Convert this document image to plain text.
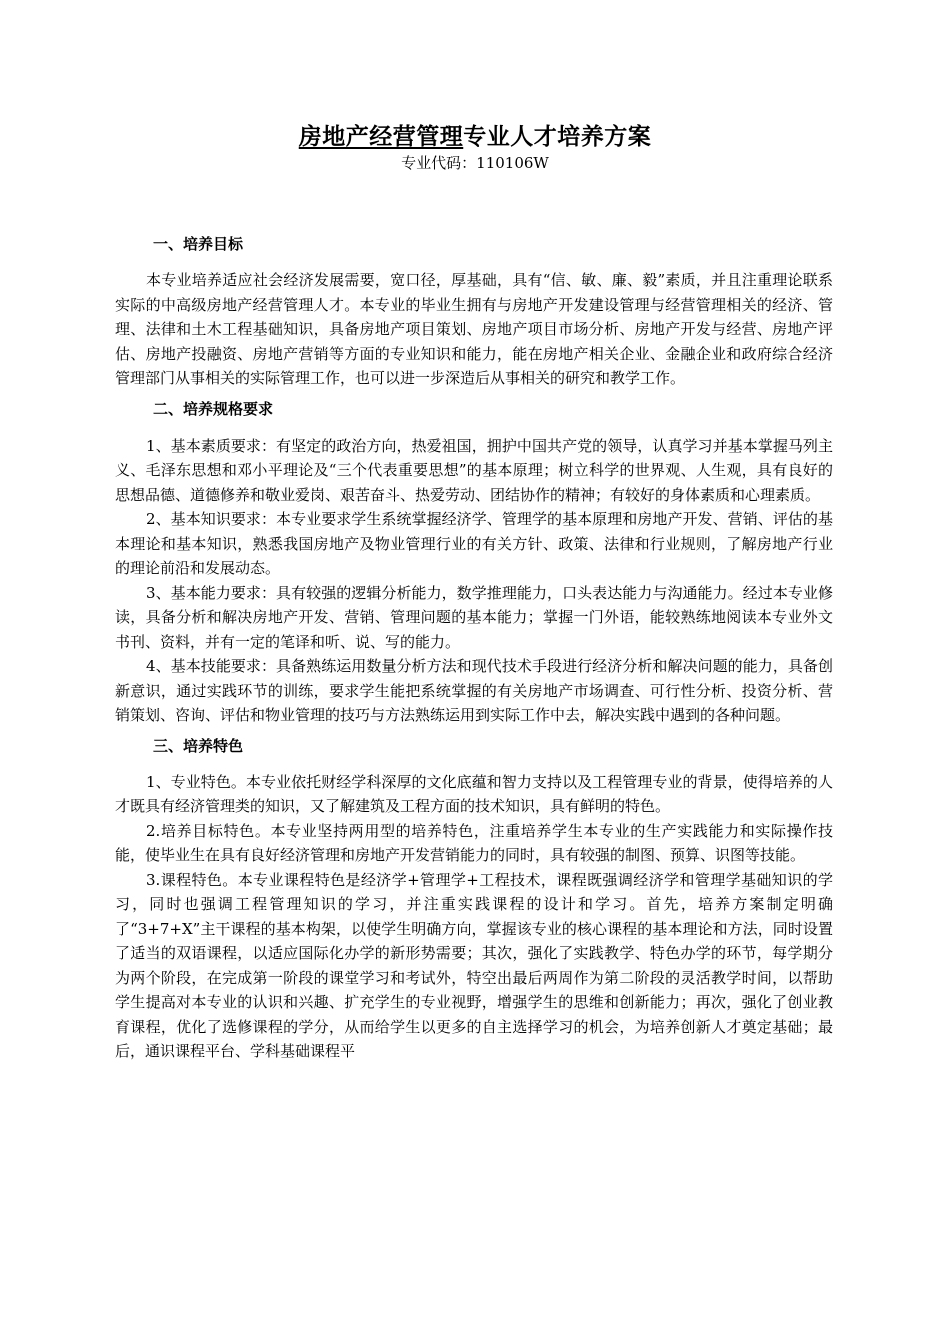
房地产经营管理专业人才培养方案
专业代码：110106W
一、培养目标

本专业培养适应社会经济发展需要，宽口径，厚基础，具有“信、敏、廉、毅”素质，并且注重理论联系实际的中高级房地产经营管理人才。本专业的毕业生拥有与房地产开发建设管理与经营管理相关的经济、管理、法律和土木工程基础知识，具备房地产项目策划、房地产项目市场分析、房地产开发与经营、房地产评估、房地产投融资、房地产营销等方面的专业知识和能力，能在房地产相关企业、金融企业和政府综合经济管理部门从事相关的实际管理工作，也可以进一步深造后从事相关的研究和教学工作。

二、培养规格要求

1、基本素质要求：有坚定的政治方向，热爱祖国，拥护中国共产党的领导，认真学习并基本掌握马列主义、毛泽东思想和邓小平理论及“三个代表重要思想”的基本原理；树立科学的世界观、人生观，具有良好的思想品德、道德修养和敬业爱岗、艰苦奋斗、热爱劳动、团结协作的精神；有较好的身体素质和心理素质。

2、基本知识要求：本专业要求学生系统掌握经济学、管理学的基本原理和房地产开发、营销、评估的基本理论和基本知识，熟悉我国房地产及物业管理行业的有关方针、政策、法律和行业规则，了解房地产行业的理论前沿和发展动态。

3、基本能力要求：具有较强的逻辑分析能力，数学推理能力，口头表达能力与沟通能力。经过本专业修读，具备分析和解决房地产开发、营销、管理问题的基本能力；掌握一门外语，能较熟练地阅读本专业外文书刊、资料，并有一定的笔译和听、说、写的能力。

4、基本技能要求：具备熟练运用数量分析方法和现代技术手段进行经济分析和解决问题的能力，具备创新意识，通过实践环节的训练，要求学生能把系统掌握的有关房地产市场调查、可行性分析、投资分析、营销策划、咨询、评估和物业管理的技巧与方法熟练运用到实际工作中去，解决实践中遇到的各种问题。

三、培养特色

1、专业特色。本专业依托财经学科深厚的文化底蕴和智力支持以及工程管理专业的背景，使得培养的人才既具有经济管理类的知识，又了解建筑及工程方面的技术知识，具有鲜明的特色。

2.培养目标特色。本专业坚持两用型的培养特色，注重培养学生本专业的生产实践能力和实际操作技能，使毕业生在具有良好经济管理和房地产开发营销能力的同时，具有较强的制图、预算、识图等技能。

3.课程特色。本专业课程特色是经济学+管理学+工程技术，课程既强调经济学和管理学基础知识的学习，同时也强调工程管理知识的学习，并注重实践课程的设计和学习。首先，培养方案制定明确了“3+7+X”主干课程的基本构架，以使学生明确方向，掌握该专业的核心课程的基本理论和方法，同时设置了适当的双语课程，以适应国际化办学的新形势需要；其次，强化了实践教学、特色办学的环节，每学期分为两个阶段，在完成第一阶段的课堂学习和考试外，特空出最后两周作为第二阶段的灵活教学时间，以帮助学生提高对本专业的认识和兴趣、扩充学生的专业视野，增强学生的思维和创新能力；再次，强化了创业教育课程，优化了选修课程的学分，从而给学生以更多的自主选择学习的机会，为培养创新人才奠定基础；最后，通识课程平台、学科基础课程平
